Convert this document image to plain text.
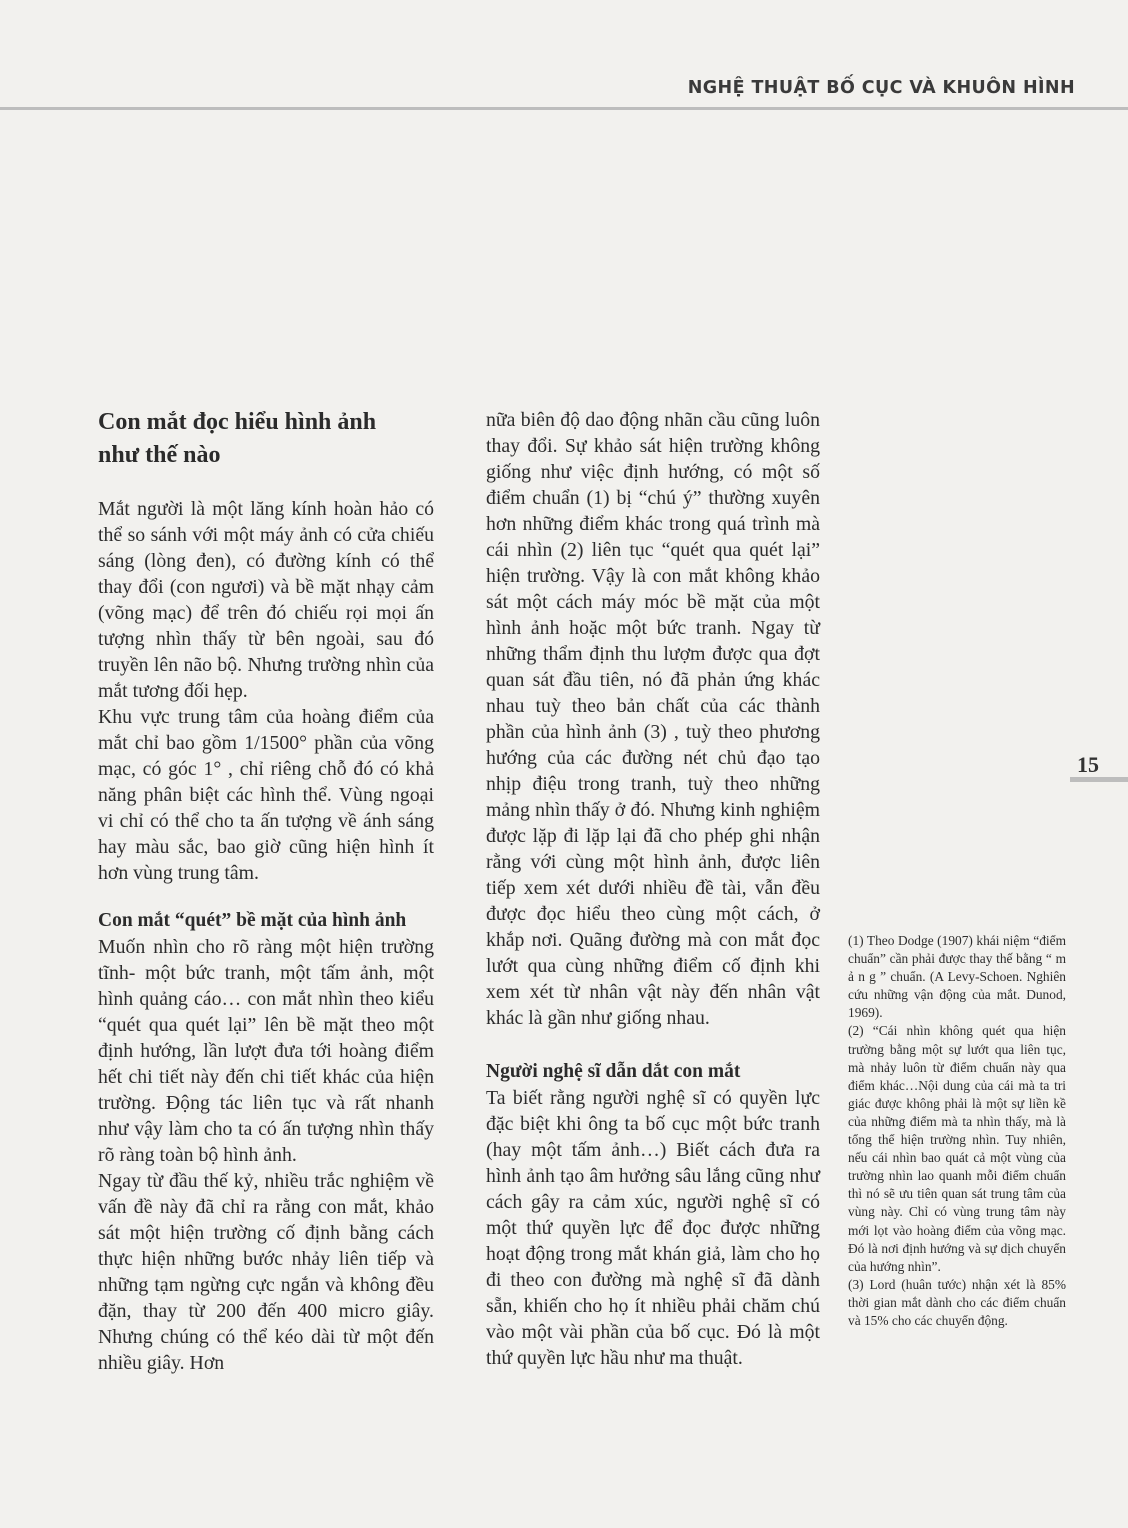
NGHỆ THUẬT BỐ CỤC VÀ KHUÔN HÌNH
Con mắt đọc hiểu hình ảnh
như thế nào

Mắt người là một lăng kính hoàn hảo có thể so sánh với một máy ảnh có cửa chiếu sáng (lòng đen), có đường kính có thể thay đổi (con ngươi) và bề mặt nhạy cảm (võng mạc) để trên đó chiếu rọi mọi ấn tượng nhìn thấy từ bên ngoài, sau đó truyền lên não bộ. Nhưng trường nhìn của mắt tương đối hẹp.

Khu vực trung tâm của hoàng điểm của mắt chỉ bao gồm 1/1500° phần của võng mạc, có góc 1° , chỉ riêng chỗ đó có khả năng phân biệt các hình thể. Vùng ngoại vi chỉ có thể cho ta ấn tượng về ánh sáng hay màu sắc, bao giờ cũng hiện hình ít hơn vùng trung tâm.

Con mắt “quét” bề mặt của hình ảnh

Muốn nhìn cho rõ ràng một hiện trường tĩnh- một bức tranh, một tấm ảnh, một hình quảng cáo… con mắt nhìn theo kiểu “quét qua quét lại” lên bề mặt theo một định hướng, lần lượt đưa tới hoàng điểm hết chi tiết này đến chi tiết khác của hiện trường. Động tác liên tục và rất nhanh như vậy làm cho ta có ấn tượng nhìn thấy rõ ràng toàn bộ hình ảnh.

Ngay từ đầu thế kỷ, nhiều trắc nghiệm về vấn đề này đã chỉ ra rằng con mắt, khảo sát một hiện trường cố định bằng cách thực hiện những bước nhảy liên tiếp và những tạm ngừng cực ngắn và không đều đặn, thay từ 200 đến 400 micro giây. Nhưng chúng có thể kéo dài từ một đến nhiều giây. Hơn

nữa biên độ dao động nhãn cầu cũng luôn thay đổi. Sự khảo sát hiện trường không giống như việc định hướng, có một số điểm chuẩn (1) bị “chú ý” thường xuyên hơn những điểm khác trong quá trình mà cái nhìn (2) liên tục “quét qua quét lại” hiện trường. Vậy là con mắt không khảo sát một cách máy móc bề mặt của một hình ảnh hoặc một bức tranh. Ngay từ những thẩm định thu lượm được qua đợt quan sát đầu tiên, nó đã phản ứng khác nhau tuỳ theo bản chất của các thành phần của hình ảnh (3) , tuỳ theo phương hướng của các đường nét chủ đạo tạo nhịp điệu trong tranh, tuỳ theo những mảng nhìn thấy ở đó. Nhưng kinh nghiệm được lặp đi lặp lại đã cho phép ghi nhận rằng với cùng một hình ảnh, được liên tiếp xem xét dưới nhiều đề tài, vẫn đều được đọc hiểu theo cùng một cách, ở khắp nơi. Quãng đường mà con mắt đọc lướt qua cùng những điểm cố định khi xem xét từ nhân vật này đến nhân vật khác là gần như giống nhau.

Người nghệ sĩ dẫn dắt con mắt

Ta biết rằng người nghệ sĩ có quyền lực đặc biệt khi ông ta bố cục một bức tranh (hay một tấm ảnh…) Biết cách đưa ra hình ảnh tạo âm hưởng sâu lắng cũng như cách gây ra cảm xúc, người nghệ sĩ có một thứ quyền lực để đọc được những hoạt động trong mắt khán giả, làm cho họ đi theo con đường mà nghệ sĩ đã dành sẵn, khiến cho họ ít nhiều phải chăm chú vào một vài phần của bố cục. Đó là một thứ quyền lực hầu như ma thuật.

15

(1) Theo Dodge (1907) khái niệm “điểm chuẩn” cần phải được thay thế bằng “ m ả n g ” chuẩn. (A Levy-Schoen. Nghiên cứu những vận động của mắt. Dunod, 1969).

(2) “Cái nhìn không quét qua hiện trường bằng một sự lướt qua liên tục, mà nhảy luôn từ điểm chuẩn này qua điểm khác…Nội dung của cái mà ta tri giác được không phải là một sự liền kề của những điểm mà ta nhìn thấy, mà là tổng thể hiện trường nhìn. Tuy nhiên, nếu cái nhìn bao quát cả một vùng của trường nhìn lao quanh mỗi điểm chuẩn thì nó sẽ ưu tiên quan sát trung tâm của vùng này. Chỉ có vùng trung tâm này mới lọt vào hoàng điểm của võng mạc. Đó là nơi định hướng và sự dịch chuyển của hướng nhìn”.

(3) Lord (huân tước) nhận xét là 85% thời gian mắt dành cho các điểm chuẩn và 15% cho các chuyển động.
